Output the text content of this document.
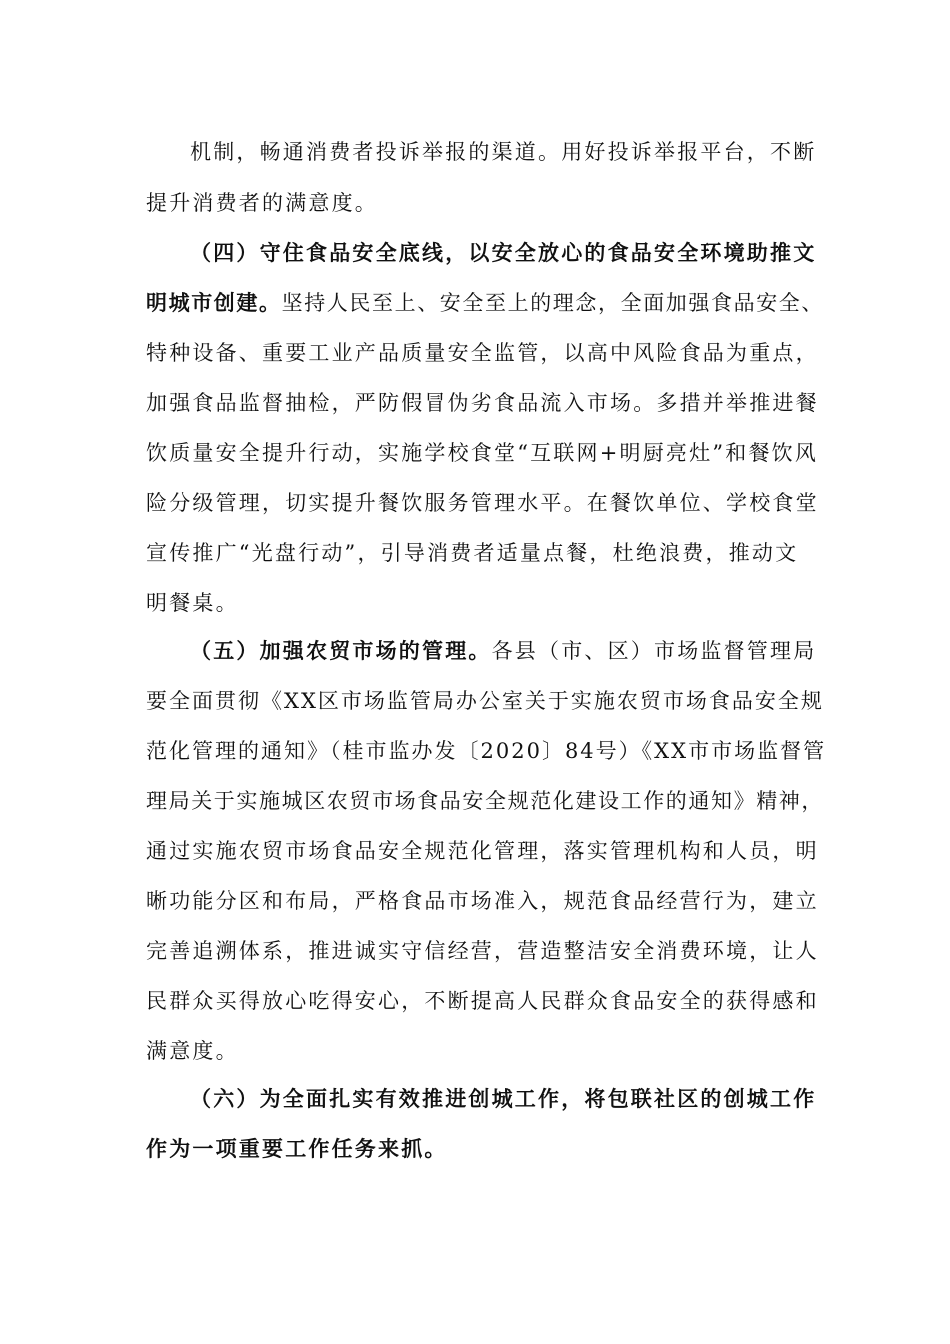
机制，畅通消费者投诉举报的渠道。用好投诉举报平台，不断
提升消费者的满意度。
（四）守住食品安全底线，以安全放心的食品安全环境助推文
明城市创建。坚持人民至上、安全至上的理念，全面加强食品安全、
特种设备、重要工业产品质量安全监管，以高中风险食品为重点，
加强食品监督抽检，严防假冒伪劣食品流入市场。多措并举推进餐
饮质量安全提升行动，实施学校食堂“互联网+明厨亮灶”和餐饮风
险分级管理，切实提升餐饮服务管理水平。在餐饮单位、学校食堂
宣传推广“光盘行动”，引导消费者适量点餐，杜绝浪费，推动文
明餐桌。
（五）加强农贸市场的管理。各县（市、区）市场监督管理局
要全面贯彻《XX区市场监管局办公室关于实施农贸市场食品安全规
范化管理的通知》（桂市监办发〔2020〕84号）《XX市市场监督管
理局关于实施城区农贸市场食品安全规范化建设工作的通知》精神，
通过实施农贸市场食品安全规范化管理，落实管理机构和人员，明
晰功能分区和布局，严格食品市场准入，规范食品经营行为，建立
完善追溯体系，推进诚实守信经营，营造整洁安全消费环境，让人
民群众买得放心吃得安心，不断提高人民群众食品安全的获得感和
满意度。
（六）为全面扎实有效推进创城工作，将包联社区的创城工作
作为一项重要工作任务来抓。
